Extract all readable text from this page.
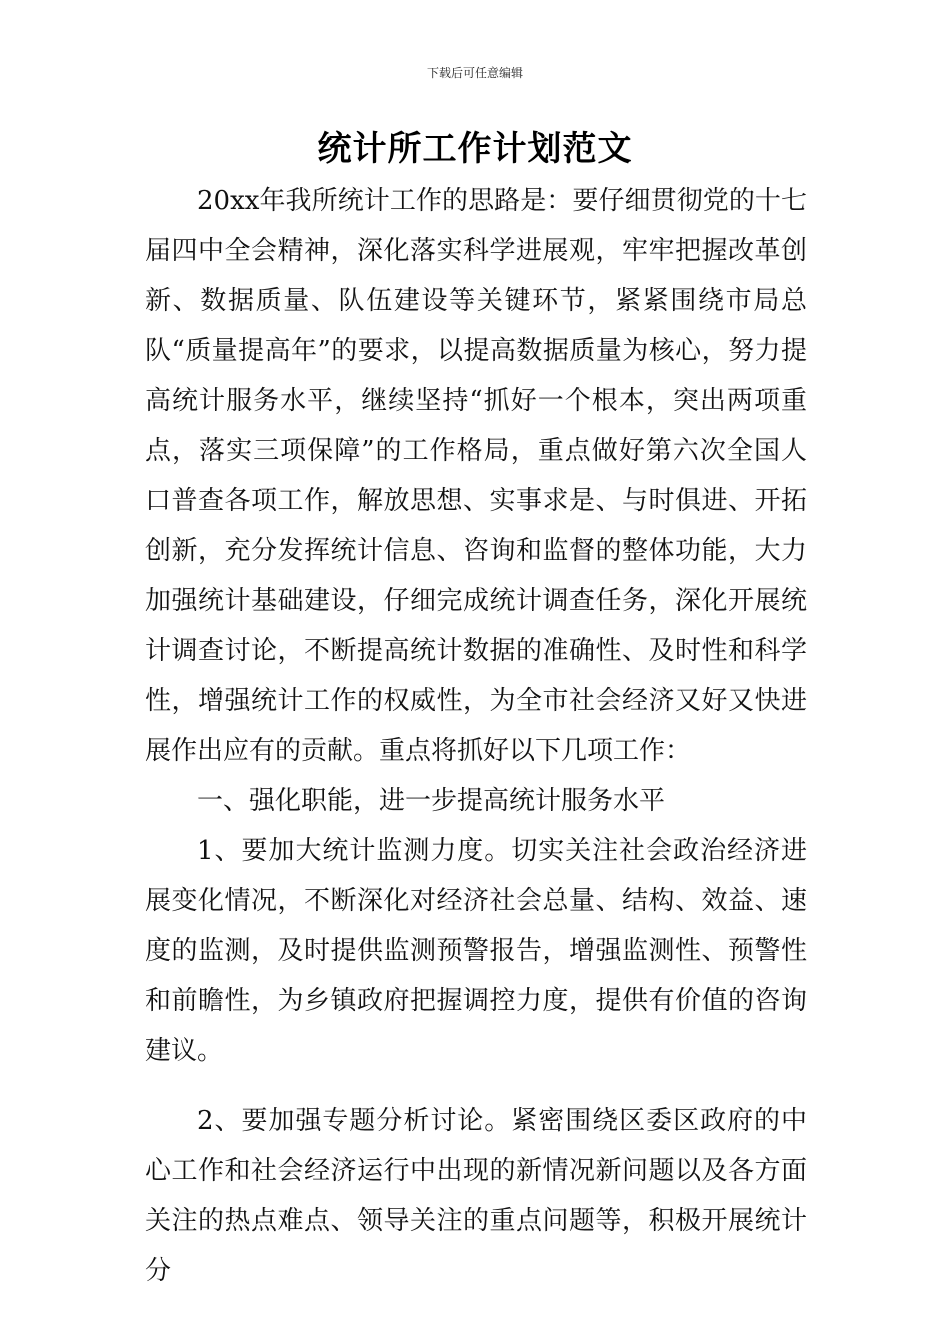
下载后可任意编辑
统计所工作计划范文

20xx年我所统计工作的思路是：要仔细贯彻党的十七届四中全会精神，深化落实科学进展观，牢牢把握改革创新、数据质量、队伍建设等关键环节，紧紧围绕市局总队“质量提高年”的要求，以提高数据质量为核心，努力提高统计服务水平，继续坚持“抓好一个根本，突出两项重点，落实三项保障”的工作格局，重点做好第六次全国人口普查各项工作，解放思想、实事求是、与时俱进、开拓创新，充分发挥统计信息、咨询和监督的整体功能，大力加强统计基础建设，仔细完成统计调查任务，深化开展统计调查讨论，不断提高统计数据的准确性、及时性和科学性，增强统计工作的权威性，为全市社会经济又好又快进展作出应有的贡献。重点将抓好以下几项工作：

一、强化职能，进一步提高统计服务水平

1、要加大统计监测力度。切实关注社会政治经济进展变化情况，不断深化对经济社会总量、结构、效益、速度的监测，及时提供监测预警报告，增强监测性、预警性和前瞻性，为乡镇政府把握调控力度，提供有价值的咨询建议。

2、要加强专题分析讨论。紧密围绕区委区政府的中心工作和社会经济运行中出现的新情况新问题以及各方面关注的热点难点、领导关注的重点问题等，积极开展统计分
